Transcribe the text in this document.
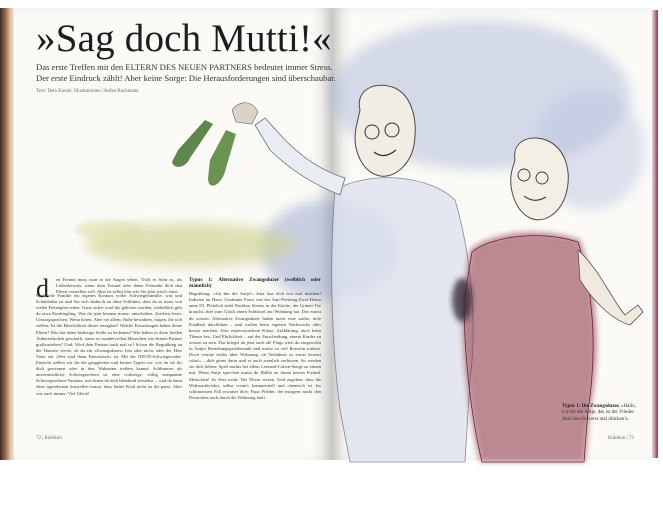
»Sag doch Mutti!«
Das erste Treffen mit den ELTERN DES NEUEN PARTNERS bedeutet immer Stress. Der erste Eindruck zählt! Aber keine Sorge: Die Herausforderungen sind überschaubar. Text: Dela Kienle, Illustrationen: Stefan Bachmann
d en Freund muss man in die Augen sehen. Trifft es Sinn zu, als Liebesbeweis, wenn dein Freund oder deine Freundin dich den Eltern vorstellen will. Aber ist selbst klar wie Sie jetzt wird's ernst.
Weil jede Familie ein eigenes Kosmos voller Schwiegerfamilie, was und Schubladen ist und Sie sich dadurch an ohne Schlimm, dass du es muss von vielen Fettnäpfen reden. Ganz sicher wird die geboren werden, schließlich gibt du etwa Eindringling. Was du jetzt können musst: umschalten. Zeichen lesen. Umsorgsprachen. Wenn hören. Aber sei allem: Ruhe bewahren, fragen, ihr sich stellen: Ist die Herzlichkeit dieser ertragbar? Welche Erwartungen haben deine Eltern? Was hat deine bisherige Stelle zu bedeuten? Wie haben es diese beiden Außerirdischen geschafft, einen so wundervollen Menschen wie deinen Partner großzuziehen? Und: Wird dein Partner auch mal so? Schon die Begrüßung an der Haustür verrät, ob du ein »Zwangsduzer« bist oder nicht, oder der Herr Vater ein »Wer sind denn Fantastisch« ist. Mit der NEON-Schwiegersohn-Einsicht stellen wir dir die gruppierten und besten Typen vor, wie du sie für dich gewinnen oder in den Wahnsinn treiben kannst. Schlimmer als unvermeidliche Schwiegereltern ist eine vorherige, völlig entspannte Schwiegereltern-Variante, mit denen du dich blendend verstehst ... und du dann eben irgendwann feststellen musst, dass leider Kind nicht zu dir passt. Aber wie auch immer: Viel Glück!
Typus 1: Alternative Zwangsduzer (weiblich oder männlich)
Begrüßung: »Ich bin die Antje!« Jetzt lass dich erst mal drücken! Indizien im Haus: Gerahmte Fotos von der Anti-Pershing-Zwei-Demo anno 83. Plötzlich steht Nachbar Sörens in der Küche, der Grüner-Tee braucht, aber zum Glück einen Schlüssel zur Wohnung hat. Das musst du wissen: Alternative Zwangsduzer haben meist eine sanfte, tiefe Kindheit durchlitten – und wollen beim eigenen Nachwuchs alles besser machen. Also repressionsfreie Küsse, Aufklärung, auch beim Thema Sex. Und Ehrlichkeit – auf der Entscheidung, einem Kinder zu wissen zu sein. Das kriegst du jetzt auch ab! Flugs wirst du eingeweiht in Antjes Beziehungsproblematik und musst zu viel Rotwein trinken. Doch verrate nichts über Wohnung, ob Verhältnis so etwas besetzt »darf« – dich gerne darin und es auch ziemlich verbissen. So werden sie dich lieben: Spiel nachts bei allem Leonard-Cohen-Songs zu einem mit. Wenn Antje sprechen musst du Hälfte zu ihrem besten Freund. Menschen! So eher nicht: Die Eltern siezen. Und zugeben, dass die Weihnachtsfahrt, selbst wenn's kommerziell und chemisch ist. Im schlimmsten Fall erwartet dich: Papa Frieder, der morgens nackt den Deutschen nach durch die Wohnung läuft.
Typus 1: Die Zwangsduzer. »Hallo, ich bin die Antje, das ist der Frieder. Jetzt lass dich erst mal drücken!«
72 | Rubikon	Rubikon | 73
